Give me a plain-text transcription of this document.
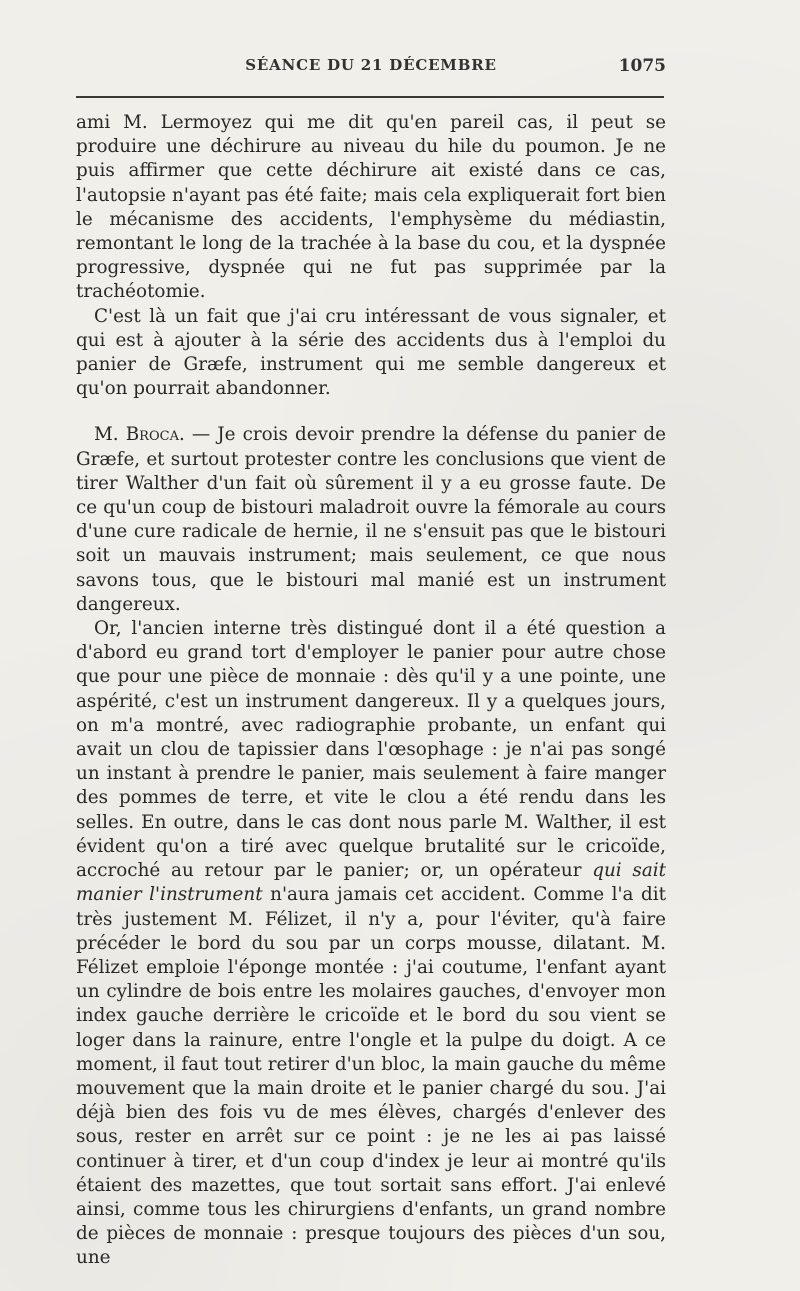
SÉANCE DU 21 DÉCEMBRE	1075

ami M. Lermoyez qui me dit qu'en pareil cas, il peut se produire une déchirure au niveau du hile du poumon. Je ne puis affirmer que cette déchirure ait existé dans ce cas, l'autopsie n'ayant pas été faite; mais cela expliquerait fort bien le mécanisme des accidents, l'emphysème du médiastin, remontant le long de la trachée à la base du cou, et la dyspnée progressive, dyspnée qui ne fut pas supprimée par la trachéotomie.

C'est là un fait que j'ai cru intéressant de vous signaler, et qui est à ajouter à la série des accidents dus à l'emploi du panier de Græfe, instrument qui me semble dangereux et qu'on pourrait abandonner.

M. Broca. — Je crois devoir prendre la défense du panier de Græfe, et surtout protester contre les conclusions que vient de tirer Walther d'un fait où sûrement il y a eu grosse faute. De ce qu'un coup de bistouri maladroit ouvre la fémorale au cours d'une cure radicale de hernie, il ne s'ensuit pas que le bistouri soit un mauvais instrument; mais seulement, ce que nous savons tous, que le bistouri mal manié est un instrument dangereux.

Or, l'ancien interne très distingué dont il a été question a d'abord eu grand tort d'employer le panier pour autre chose que pour une pièce de monnaie : dès qu'il y a une pointe, une aspérité, c'est un instrument dangereux. Il y a quelques jours, on m'a montré, avec radiographie probante, un enfant qui avait un clou de tapissier dans l'œsophage : je n'ai pas songé un instant à prendre le panier, mais seulement à faire manger des pommes de terre, et vite le clou a été rendu dans les selles. En outre, dans le cas dont nous parle M. Walther, il est évident qu'on a tiré avec quelque brutalité sur le cricoïde, accroché au retour par le panier; or, un opérateur qui sait manier l'instrument n'aura jamais cet accident. Comme l'a dit très justement M. Félizet, il n'y a, pour l'éviter, qu'à faire précéder le bord du sou par un corps mousse, dilatant. M. Félizet emploie l'éponge montée : j'ai coutume, l'enfant ayant un cylindre de bois entre les molaires gauches, d'envoyer mon index gauche derrière le cricoïde et le bord du sou vient se loger dans la rainure, entre l'ongle et la pulpe du doigt. A ce moment, il faut tout retirer d'un bloc, la main gauche du même mouvement que la main droite et le panier chargé du sou. J'ai déjà bien des fois vu de mes élèves, chargés d'enlever des sous, rester en arrêt sur ce point : je ne les ai pas laissé continuer à tirer, et d'un coup d'index je leur ai montré qu'ils étaient des mazettes, que tout sortait sans effort. J'ai enlevé ainsi, comme tous les chirurgiens d'enfants, un grand nombre de pièces de monnaie : presque toujours des pièces d'un sou, une
